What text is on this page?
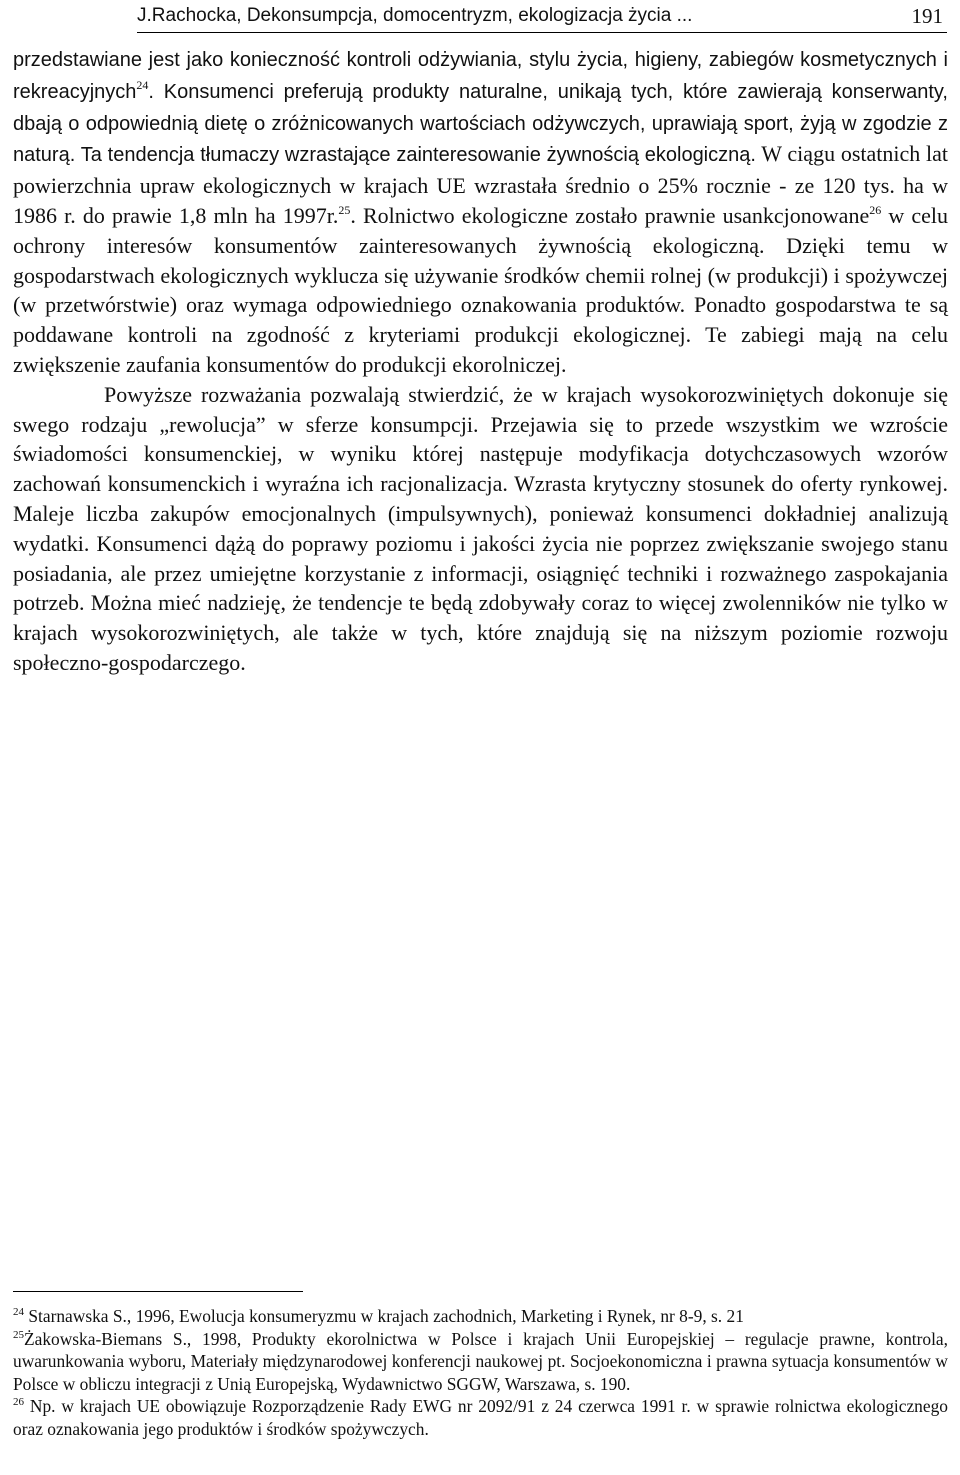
J.Rachocka, Dekonsumpcja, domocentryzm, ekologizacja życia ...	191

przedstawiane jest jako konieczność kontroli odżywiania, stylu życia, higieny, zabiegów kosmetycznych i rekreacyjnych$^{24}$. Konsumenci preferują produkty naturalne, unikają tych, które zawierają konserwanty, dbają o odpowiednią dietę o zróżnicowanych wartościach odżywczych, uprawiają sport, żyją w zgodzie z naturą. Ta tendencja tłumaczy wzrastające zainteresowanie żywnością ekologiczną. W ciągu ostatnich lat powierzchnia upraw ekologicznych w krajach UE wzrastała średnio o 25% rocznie - ze 120 tys. ha w 1986 r. do prawie 1,8 mln ha 1997r.$^{25}$. Rolnictwo ekologiczne zostało prawnie usankcjonowane$^{26}$ w celu ochrony interesów konsumentów zainteresowanych żywnością ekologiczną. Dzięki temu w gospodarstwach ekologicznych wyklucza się używanie środków chemii rolnej (w produkcji) i spożywczej (w przetwórstwie) oraz wymaga odpowiedniego oznakowania produktów. Ponadto gospodarstwa te są poddawane kontroli na zgodność z kryteriami produkcji ekologicznej. Te zabiegi mają na celu zwiększenie zaufania konsumentów do produkcji ekorolniczej.

Powyższe rozważania pozwalają stwierdzić, że w krajach wysokorozwiniętych dokonuje się swego rodzaju „rewolucja” w sferze konsumpcji. Przejawia się to przede wszystkim we wzroście świadomości konsumenckiej, w wyniku której następuje modyfikacja dotychczasowych wzorów zachowań konsumenckich i wyraźna ich racjonalizacja. Wzrasta krytyczny stosunek do oferty rynkowej. Maleje liczba zakupów emocjonalnych (impulsywnych), ponieważ konsumenci dokładniej analizują wydatki. Konsumenci dążą do poprawy poziomu i jakości życia nie poprzez zwiększanie swojego stanu posiadania, ale przez umiejętne korzystanie z informacji, osiągnięć techniki i rozważnego zaspokajania potrzeb. Można mieć nadzieję, że tendencje te będą zdobywały coraz to więcej zwolenników nie tylko w krajach wysokorozwiniętych, ale także w tych, które znajdują się na niższym poziomie rozwoju społeczno-gospodarczego.

$^{24}$ Starnawska S., 1996, Ewolucja konsumeryzmu w krajach zachodnich, Marketing i Rynek, nr 8-9, s. 21

$^{25}$Żakowska-Biemans S., 1998, Produkty ekorolnictwa w Polsce i krajach Unii Europejskiej – regulacje prawne, kontrola, uwarunkowania wyboru, Materiały międzynarodowej konferencji naukowej pt. Socjoekonomiczna i prawna sytuacja konsumentów w Polsce w obliczu integracji z Unią Europejską, Wydawnictwo SGGW, Warszawa, s. 190.

$^{26}$ Np. w krajach UE obowiązuje Rozporządzenie Rady EWG nr 2092/91 z 24 czerwca 1991 r. w sprawie rolnictwa ekologicznego oraz oznakowania jego produktów i środków spożywczych.
